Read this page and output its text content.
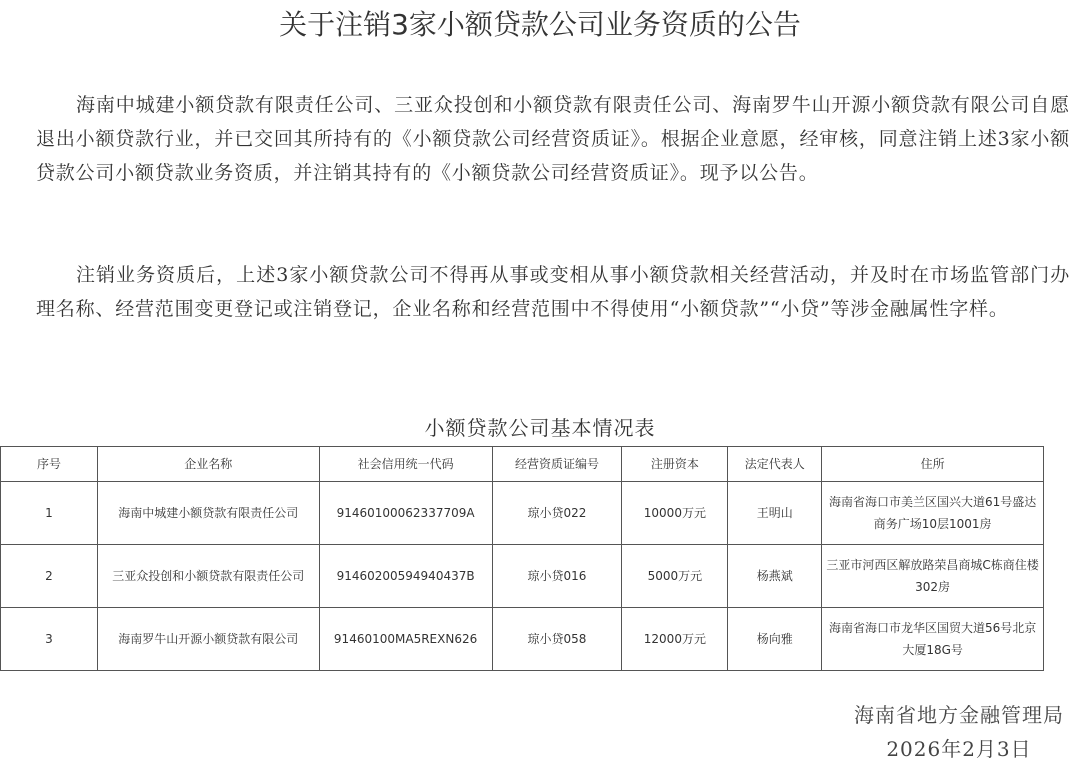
关于注销3家小额贷款公司业务资质的公告

海南中城建小额贷款有限责任公司、三亚众投创和小额贷款有限责任公司、海南罗牛山开源小额贷款有限公司自愿退出小额贷款行业，并已交回其所持有的《小额贷款公司经营资质证》。根据企业意愿，经审核，同意注销上述3家小额贷款公司小额贷款业务资质，并注销其持有的《小额贷款公司经营资质证》。现予以公告。

注销业务资质后，上述3家小额贷款公司不得再从事或变相从事小额贷款相关经营活动，并及时在市场监管部门办理名称、经营范围变更登记或注销登记，企业名称和经营范围中不得使用“小额贷款”“小贷”等涉金融属性字样。

小额贷款公司基本情况表
序号	企业名称	社会信用统一代码	经营资质证编号	注册资本	法定代表人	住所
1	海南中城建小额贷款有限责任公司	91460100062337709A	琼小贷022	10000万元	王明山	海南省海口市美兰区国兴大道61号盛达商务广场10层1001房
2	三亚众投创和小额贷款有限责任公司	91460200594940437B	琼小贷016	5000万元	杨燕斌	三亚市河西区解放路荣昌商城C栋商住楼302房
3	海南罗牛山开源小额贷款有限公司	91460100MA5REXN626	琼小贷058	12000万元	杨向雅	海南省海口市龙华区国贸大道56号北京大厦18G号
海南省地方金融管理局
2026年2月3日
